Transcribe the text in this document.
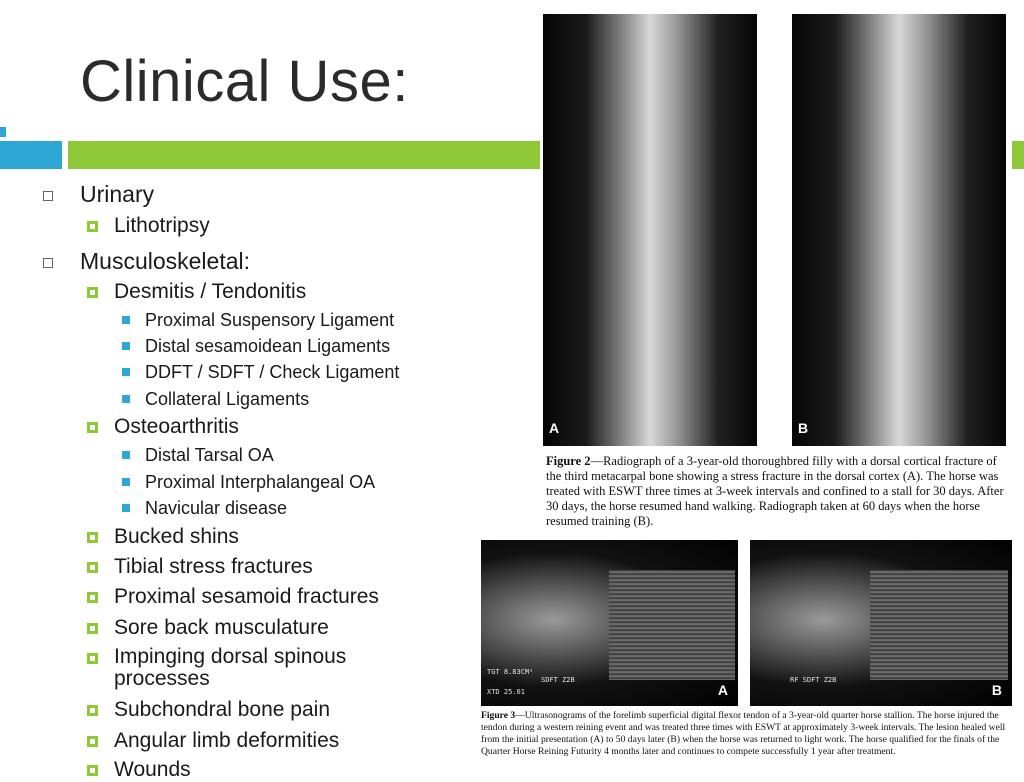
Clinical Use:
Urinary
Lithotripsy
Musculoskeletal:
Desmitis / Tendonitis
Proximal Suspensory Ligament
Distal sesamoidean Ligaments
DDFT / SDFT / Check Ligament
Collateral Ligaments
Osteoarthritis
Distal Tarsal OA
Proximal Interphalangeal OA
Navicular disease
Bucked shins
Tibial stress fractures
Proximal sesamoid fractures
Sore back musculature
Impinging dorsal spinous processes
Subchondral bone pain
Angular limb deformities
Wounds
A	B
Figure 2—Radiograph of a 3-year-old thoroughbred filly with a dorsal cortical fracture of the third metacarpal bone showing a stress fracture in the dorsal cortex (A). The horse was treated with ESWT three times at 3-week intervals and confined to a stall for 30 days. After 30 days, the horse resumed hand walking. Radiograph taken at 60 days when the horse resumed training (B).
TGT 8.83CM²
SDFT Z2B
XTD 25.01	A
RF SDFT Z2B
B
Figure 3—Ultrasonograms of the forelimb superficial digital flexor tendon of a 3-year-old quarter horse stallion. The horse injured the tendon during a western reining event and was treated three times with ESWT at approximately 3-week intervals. The lesion healed well from the initial presentation (A) to 50 days later (B) when the horse was returned to light work. The horse qualified for the finals of the Quarter Horse Reining Futurity 4 months later and continues to compete successfully 1 year after treatment.
